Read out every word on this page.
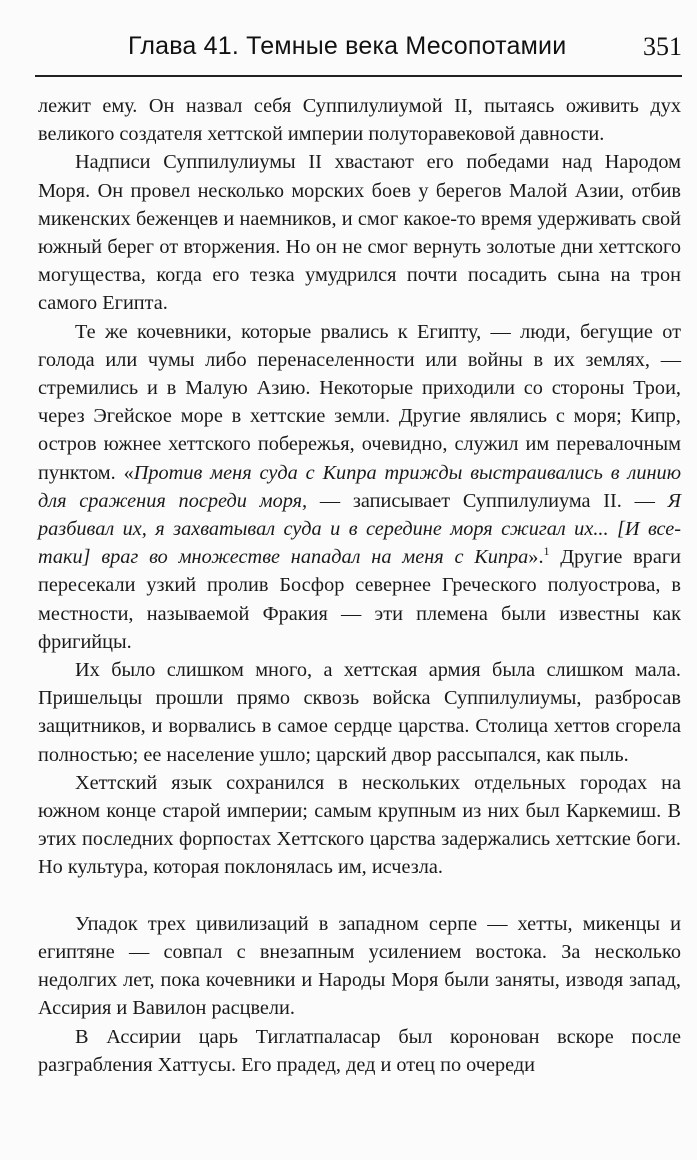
Глава 41. Темные века Месопотамии	351

лежит ему. Он назвал себя Суппилулиумой II, пытаясь оживить дух великого создателя хеттской империи полуторавековой давности.

Надписи Суппилулиумы II хвастают его победами над Народом Моря. Он провел несколько морских боев у берегов Малой Азии, отбив микенских беженцев и наемников, и смог какое-то время удерживать свой южный берег от вторжения. Но он не смог вернуть золотые дни хеттского могущества, когда его тезка умудрился почти посадить сына на трон самого Египта.

Те же кочевники, которые рвались к Египту, — люди, бегущие от голода или чумы либо перенаселенности или войны в их землях, — стремились и в Малую Азию. Некоторые приходили со стороны Трои, через Эгейское море в хеттские земли. Другие являлись с моря; Кипр, остров южнее хеттского побережья, очевидно, служил им перевалочным пунктом. «Против меня суда с Кипра трижды выстраивались в линию для сражения посреди моря, — записывает Суппилулиума II. — Я разбивал их, я захватывал суда и в середине моря сжигал их... [И все-таки] враг во множестве нападал на меня с Кипра».$^1$ Другие враги пересекали узкий пролив Босфор севернее Греческого полуострова, в местности, называемой Фракия — эти племена были известны как фригийцы.

Их было слишком много, а хеттская армия была слишком мала. Пришельцы прошли прямо сквозь войска Суппилулиумы, разбросав защитников, и ворвались в самое сердце царства. Столица хеттов сгорела полностью; ее население ушло; царский двор рассыпался, как пыль.

Хеттский язык сохранился в нескольких отдельных городах на южном конце старой империи; самым крупным из них был Каркемиш. В этих последних форпостах Хеттского царства задержались хеттские боги. Но культура, которая поклонялась им, исчезла.

Упадок трех цивилизаций в западном серпе — хетты, микенцы и египтяне — совпал с внезапным усилением востока. За несколько недолгих лет, пока кочевники и Народы Моря были заняты, изводя запад, Ассирия и Вавилон расцвели.

В Ассирии царь Тиглатпаласар был коронован вскоре после разграбления Хаттусы. Его прадед, дед и отец по очереди
